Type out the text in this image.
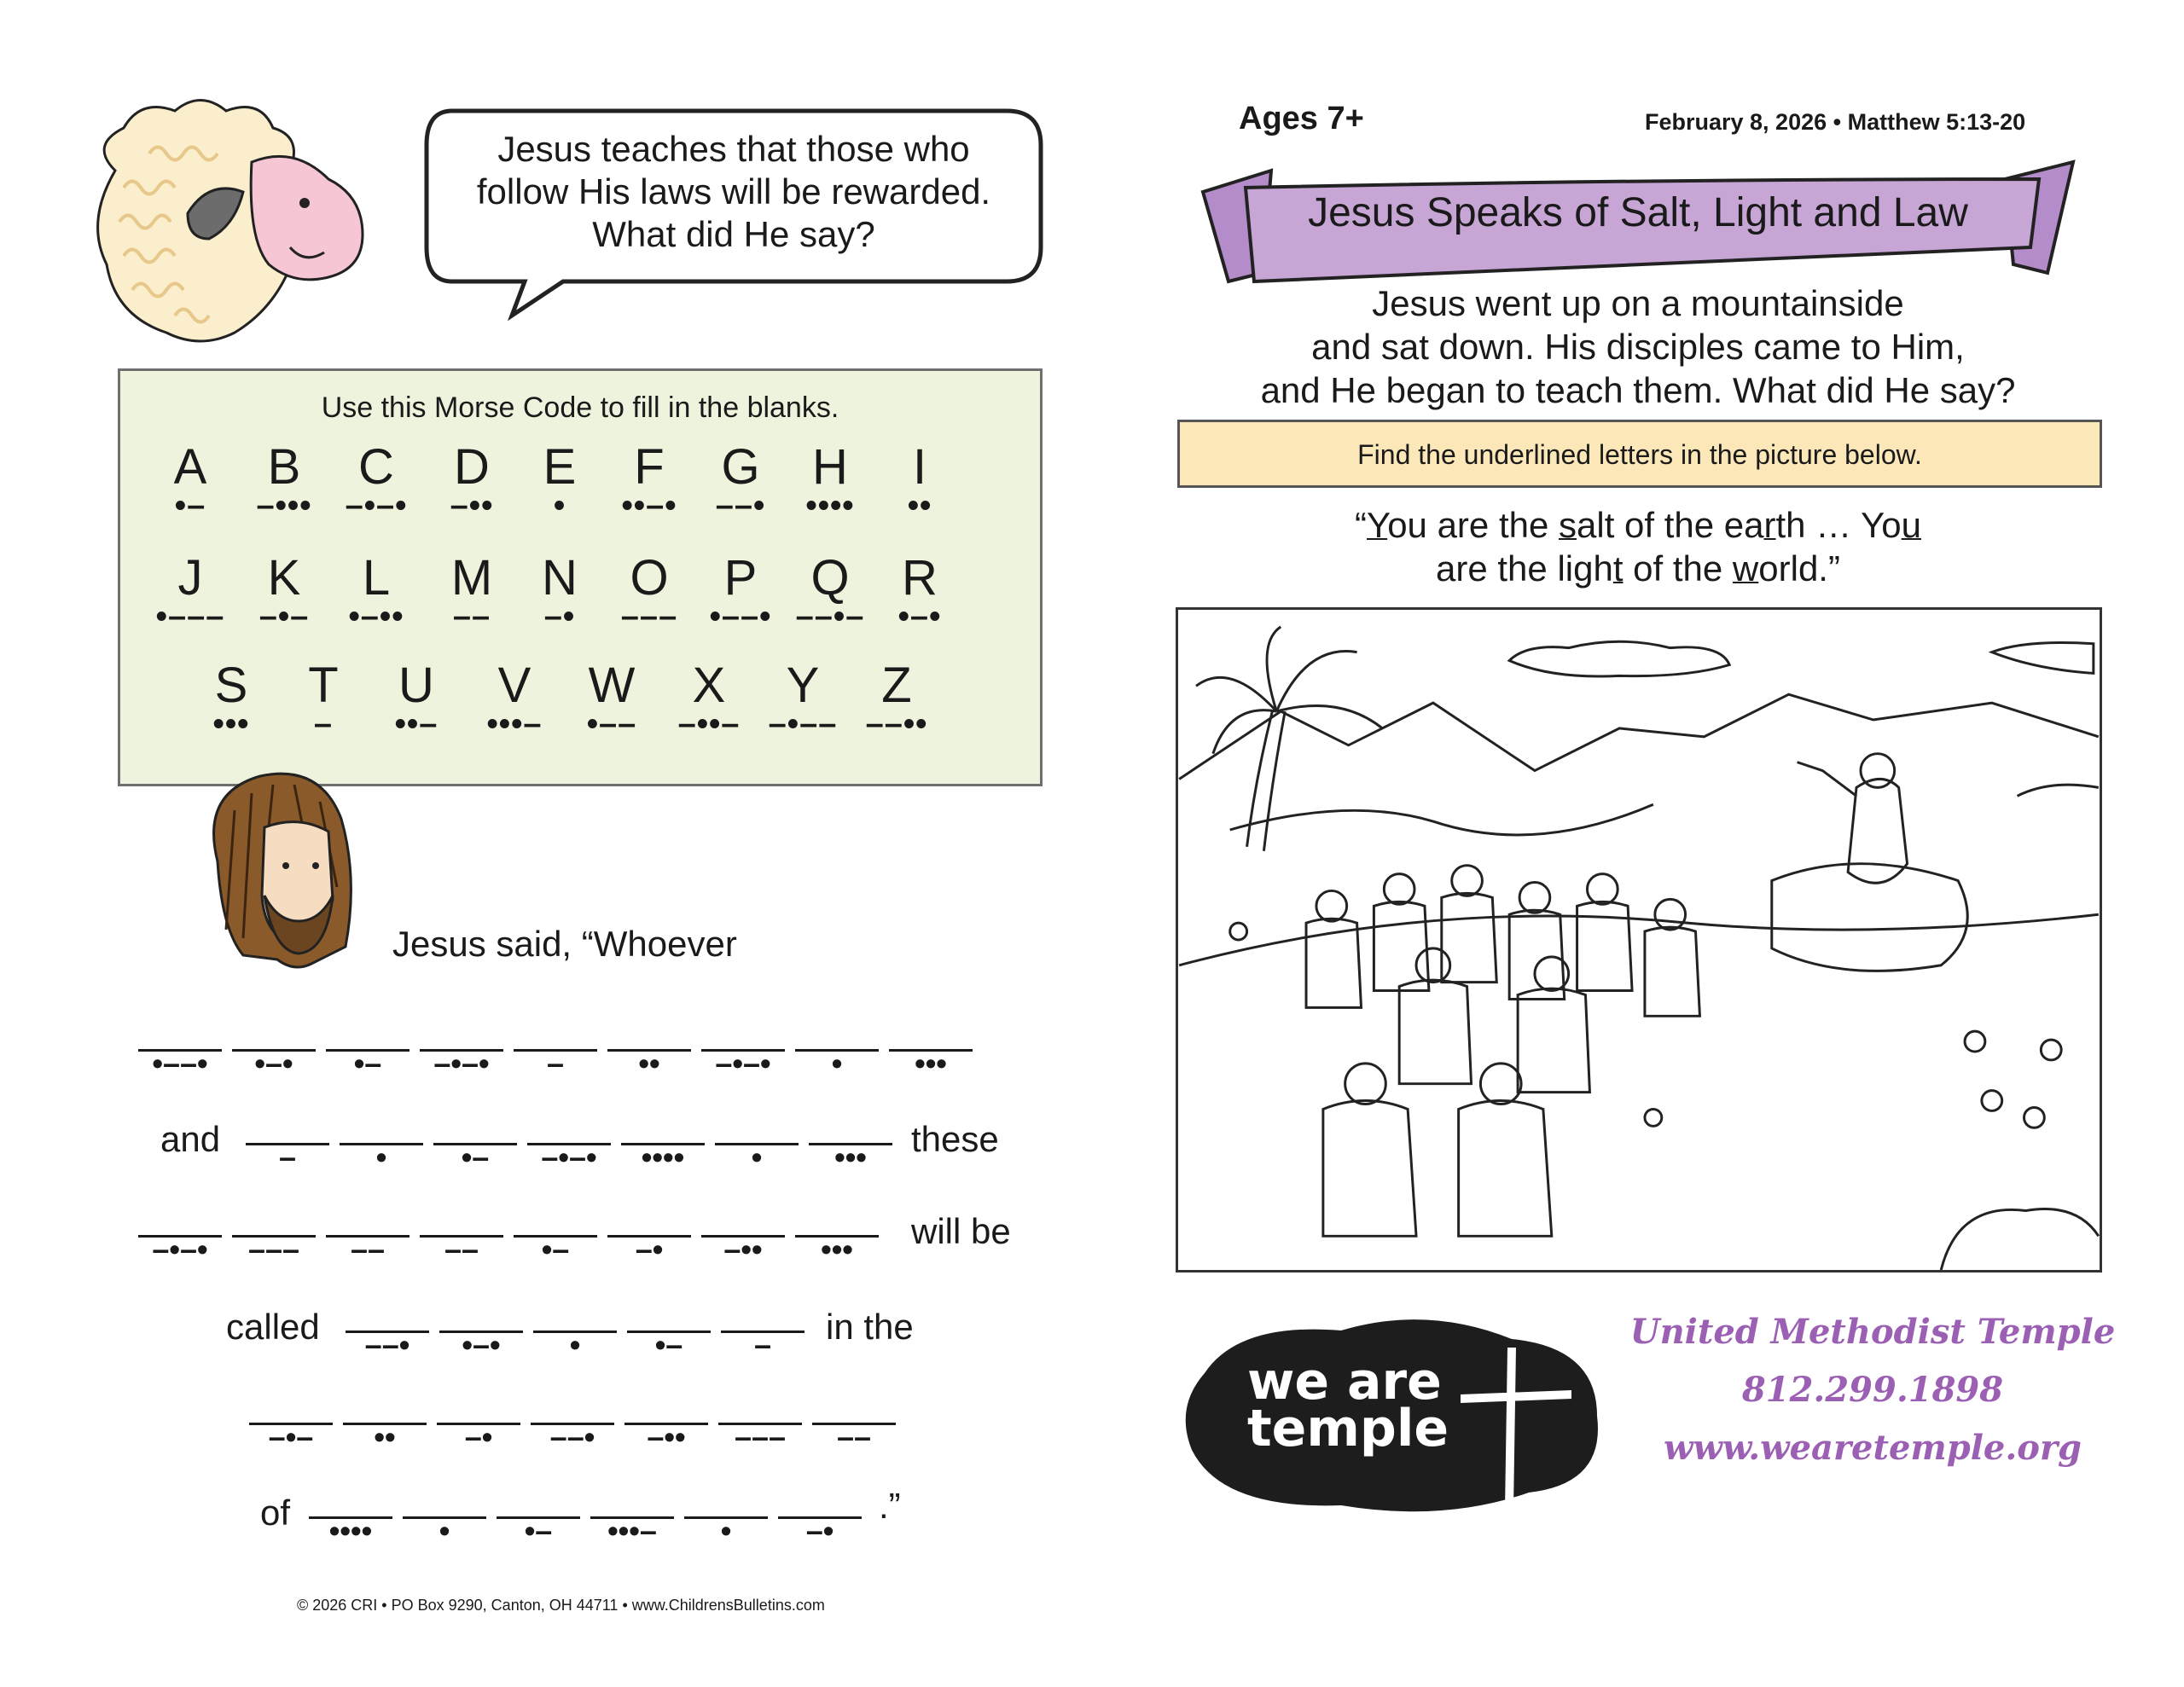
Jesus teaches that those who
follow His laws will be rewarded.
What did He say?
Use this Morse Code to fill in the blanks.
A
•–
B
–•••
C
–•–•
D
–••
E
•
F
••–•
G
––•
H
••••
I
••
J
•–––
K
–•–
L
•–••
M
––
N
–•
O
–––
P
•––•
Q
––•–
R
•–•
S
•••
T
–
U
••–
V
•••–
W
•––
X
–••–
Y
–•––
Z
––••
Jesus said, “Whoever
•––•	•–•	•–	–•–•	–	••	–•–•	•	•••
and	these
–	•	•–	–•–•	••••	•	•••
will be
–•–•	–––	––	––	•–	–•	–••	•••
called	in the
––•	•–•	•	•–	–
–•–	••	–•	––•	–••	–––	––
of	.”
••••	•	•–	•••–	•	–•
© 2026 CRI • PO Box 9290, Canton, OH 44711 • www.ChildrensBulletins.com
Ages 7+	February 8, 2026 • Matthew 5:13-20
Jesus Speaks of Salt, Light and Law
Jesus went up on a mountainside
and sat down. His disciples came to Him,
and He began to teach them. What did He say?
Find the underlined letters in the picture below.
“You are the salt of the earth … You
are the light of the world.”
we are
temple
United Methodist Temple
812.299.1898
www.wearetemple.org
